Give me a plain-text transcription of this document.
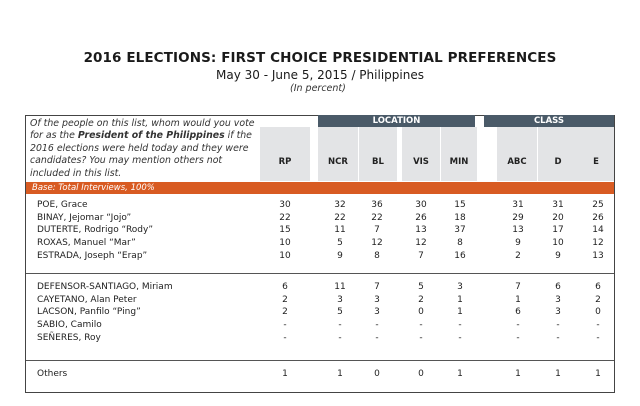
2016 ELECTIONS: FIRST CHOICE PRESIDENTIAL PREFERENCES
May 30 - June 5, 2015 / Philippines
(In percent)
Of the people on this list, whom would you vote for as the President of the Philippines if the 2016 elections were held today and they were candidates? You may mention others not included in this list.
LOCATION	CLASS
RP	NCR	BL	VIS	MIN	ABC	D	E
Base: Total Interviews, 100%
POE, Grace	30	32	36	30	15	31	31	25
BINAY, Jejomar “Jojo”	22	22	22	26	18	29	20	26
DUTERTE, Rodrigo “Rody”	15	11	7	13	37	13	17	14
ROXAS, Manuel “Mar”	10	5	12	12	8	9	10	12
ESTRADA, Joseph “Erap”	10	9	8	7	16	2	9	13
DEFENSOR-SANTIAGO, Miriam	6	11	7	5	3	7	6	6
CAYETANO, Alan Peter	2	3	3	2	1	1	3	2
LACSON, Panfilo “Ping”	2	5	3	0	1	6	3	0
SABIO, Camilo	-	-	-	-	-	-	-	-
SEÑERES, Roy	-	-	-	-	-	-	-	-
Others	1	1	0	0	1	1	1	1
